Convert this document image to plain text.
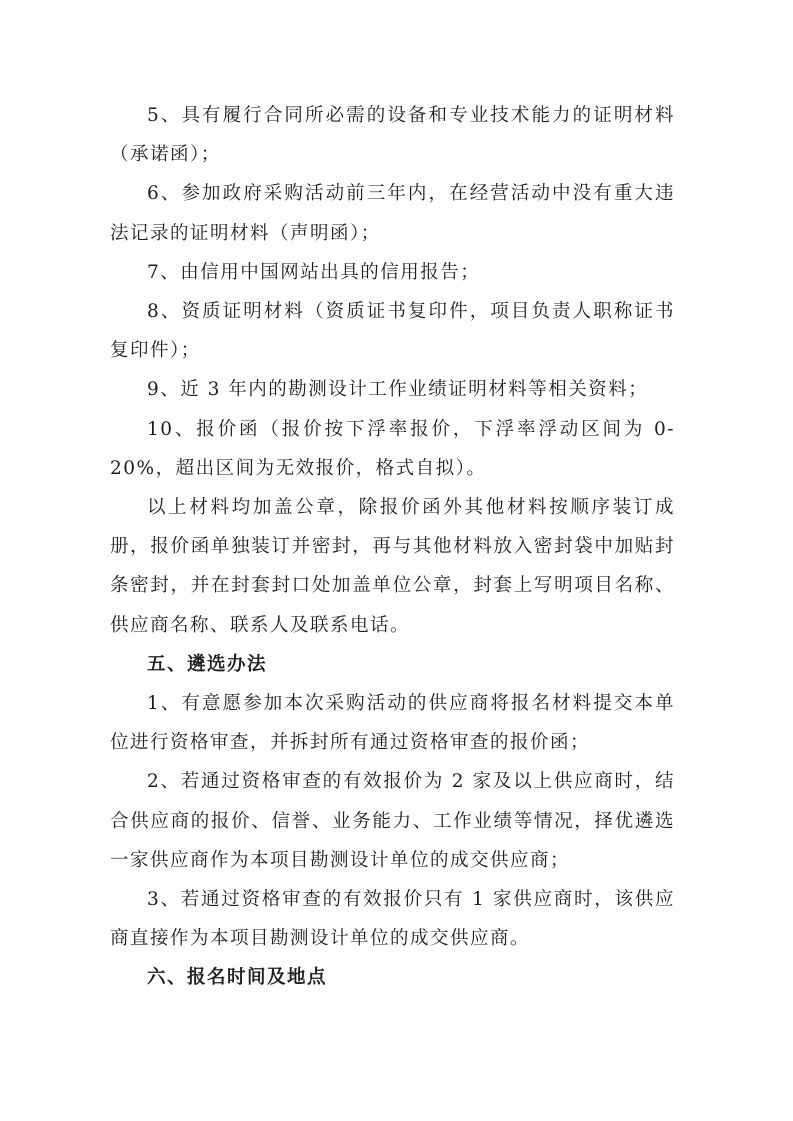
5、具有履行合同所必需的设备和专业技术能力的证明材料（承诺函）；

6、参加政府采购活动前三年内，在经营活动中没有重大违法记录的证明材料（声明函）；

7、由信用中国网站出具的信用报告；

8、资质证明材料（资质证书复印件，项目负责人职称证书复印件）；

9、近 3 年内的勘测设计工作业绩证明材料等相关资料；

10、报价函（报价按下浮率报价，下浮率浮动区间为 0-20%，超出区间为无效报价，格式自拟）。

以上材料均加盖公章，除报价函外其他材料按顺序装订成册，报价函单独装订并密封，再与其他材料放入密封袋中加贴封条密封，并在封套封口处加盖单位公章，封套上写明项目名称、供应商名称、联系人及联系电话。

五、遴选办法

1、有意愿参加本次采购活动的供应商将报名材料提交本单位进行资格审查，并拆封所有通过资格审查的报价函；

2、若通过资格审查的有效报价为 2 家及以上供应商时，结合供应商的报价、信誉、业务能力、工作业绩等情况，择优遴选一家供应商作为本项目勘测设计单位的成交供应商；

3、若通过资格审查的有效报价只有 1 家供应商时，该供应商直接作为本项目勘测设计单位的成交供应商。

六、报名时间及地点
